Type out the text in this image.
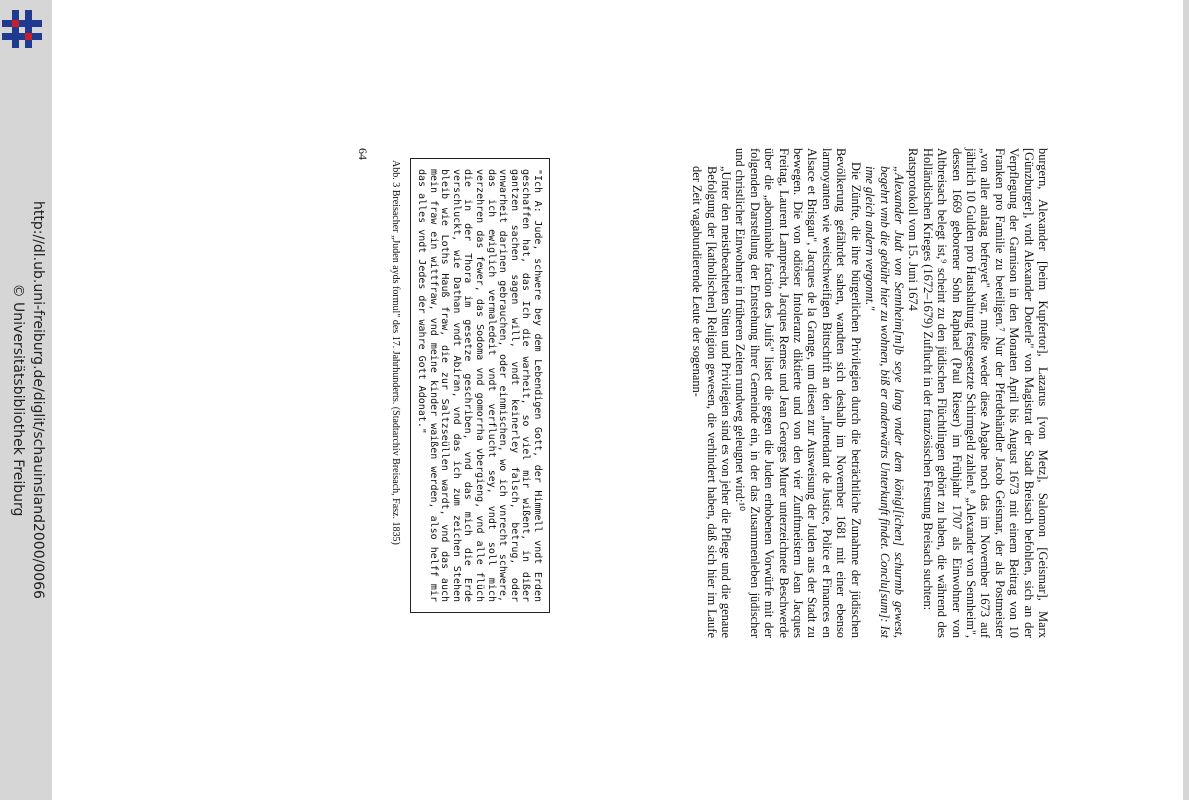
http://dl.ub.uni-freiburg.de/diglit/schauinsland2000/0066
© Universitätsbibliothek Freiburg	burgern, Alexander [beim Kupfertor], Lazarus [von Metz], Salomon [Geismar], Marx [Günzburger], vndt Alexander Doterle" von Magistrat der Stadt Breisach befohlen, sich an der Verpflegung der Garnison in den Monaten April bis August 1673 mit einem Beitrag von 10 Franken pro Familie zu beteiligen.⁷ Nur der Pferdehändler Jacob Geismar, der als Postmeister „von aller anlaag befreyet" war, mußte weder diese Abgabe noch das im November 1673 auf jährlich 10 Gulden pro Haushaltung festgesetzte Schirmgeld zahlen.⁸ „Alexander von Sennheim", dessen 1669 geborener Sohn Raphael (Paul Rieser) im Frühjahr 1707 als Einwohner von Altbreisach belegt ist,⁹ scheint zu den jüdischen Flüchtlingen gehört zu haben, die während des Holländischen Krieges (1672–1679) Zuflucht in der französischen Festung Breisach suchten:

Ratsprotokoll vom 15. Juni 1674

„Alexander Judt von Sennheim[m]b seye lang vnder dem königl[ichen] schurmb gewest, begehrt vmb die gebühr hier zu wohnen, biß er anderwärts Unterkunft findet. Conclu[sum]: Ist ime gleich andern vergonnt."

Die Zünfte, die ihre bürgerlichen Privilegien durch die beträchtliche Zunahme der jüdischen Bevölkerung gefährdet sahen, wandten sich deshalb im November 1681 mit einer ebenso larmoyanten wie weitschweifigen Bittschrift an den „Intendant de Justice, Police et Finances en Alsace et Brisgau", Jacques de la Grange, um diesen zur Ausweisung der Juden aus der Stadt zu bewegen. Die von odiöser Intoleranz diktierte und von den vier Zunftmeistern Jean Jacques Freitag, Laurent Lamprecht, Jacques Remes und Jean Georges Murer unterzeichnete Beschwerde über die „abominable faction des Juifs" listet die gegen die Juden erhobenen Vorwürfe mit der folgenden Darstellung der Entstehung ihrer Gemeinde ein, in der das Zusammenleben jüdischer und christlicher Einwohner in früheren Zeiten rundweg geleugnet wird:¹⁰

„Unter den meistbeachteten Sitten und Privilegien sind es von jeher die Pflege und die genaue Befolgung der [katholischen] Religion gewesen, die verhindert haben, daß sich hier im Laufe der Zeit vagabundierende Leute der sogenann-

"Ich A: Jude, schwere bey dem Lebendigen Gott, der Himmell vndt Erden geschaffen hat, das Ich die warheit, so viel mir wißent, in dißer gantzen sachen sagen will, vndt keinerley falsch, betrug, oder vnwarheit darinen gebrauchen, oder einmischen, wo ich vnrecht schwere, das ich ewiglich vermaledeit vndt verflucht sey, vndt soll mich verzehren das fewer, das Sodoma vnd gomorrha vbergieng, vnd alle flüch die in der Thora im gesetze geschriben, vnd das mich die Erde verschluckt, wie Dathan vndt Abiran, vnd das ich zum zeichen Stehen bleib wie Loths Hauß fraw, die zur Saltzseüllen wardt, vnd das auch mein fraw ein wittfraw, vnd meine kinder waißen werden, also helff mir das alles vndt Jedes der wahre Gott Adonat."
Abb. 3 Breisacher „Juden ayds formul" des 17. Jahrhunderts. (Stadtarchiv Breisach, Fasz. 1835)
64
